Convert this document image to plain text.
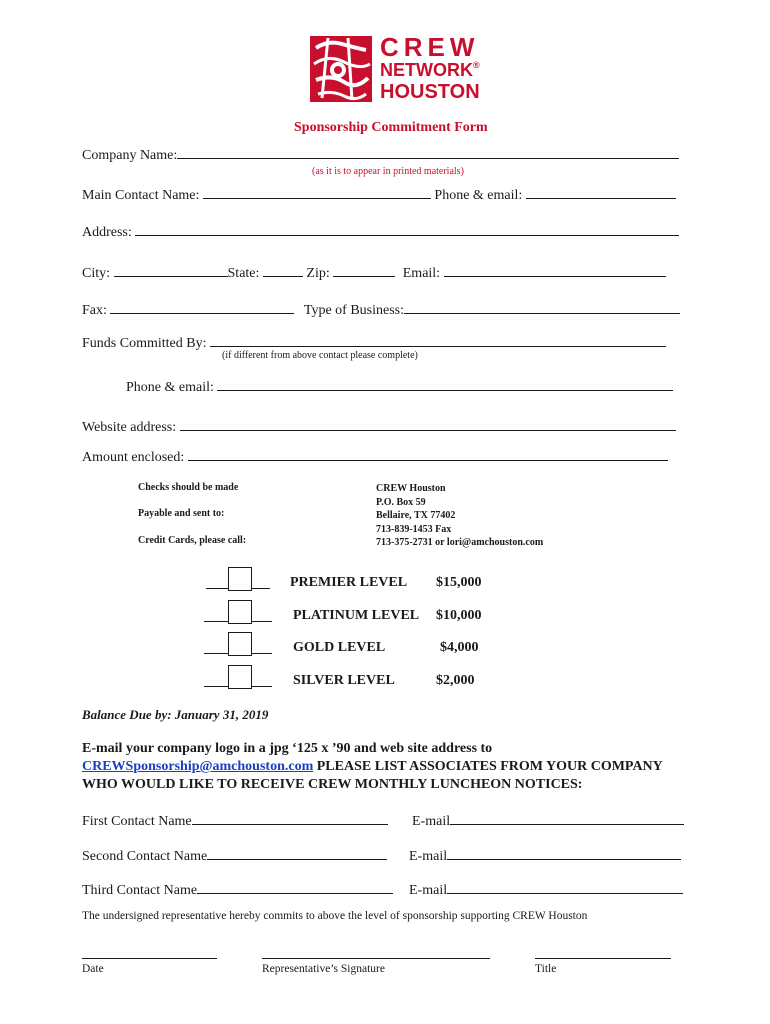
CREW
NETWORK®
HOUSTON
Sponsorship Commitment Form
Company Name:
(as it is to appear in printed materials)
Main Contact Name:	Phone & email:
Address:
City:	State:	Zip:	Email:
Fax:	Type of Business:
Funds Committed By:
(if different from above contact please complete)
Phone & email:
Website address:
Amount enclosed:
Checks should be made
Payable and sent to:
Credit Cards, please call:
CREW Houston
P.O. Box 59
Bellaire, TX 77402
713-839-1453 Fax
713-375-2731 or lori@amchouston.com
PREMIER LEVEL $15,000
PLATINUM LEVEL $10,000
GOLD LEVEL	$4,000
SILVER LEVEL	$2,000
Balance Due by: January 31, 2019
E-mail your company logo in a jpg ‘125 x ’90 and web site address to
CREWSponsorship@amchouston.com PLEASE LIST ASSOCIATES FROM YOUR COMPANY
WHO WOULD LIKE TO RECEIVE CREW MONTHLY LUNCHEON NOTICES:
First Contact Name	E-mail
Second Contact Name	E-mail
Third Contact Name	E-mail
The undersigned representative hereby commits to above the level of sponsorship supporting CREW Houston
Date	Representative’s Signature	Title
